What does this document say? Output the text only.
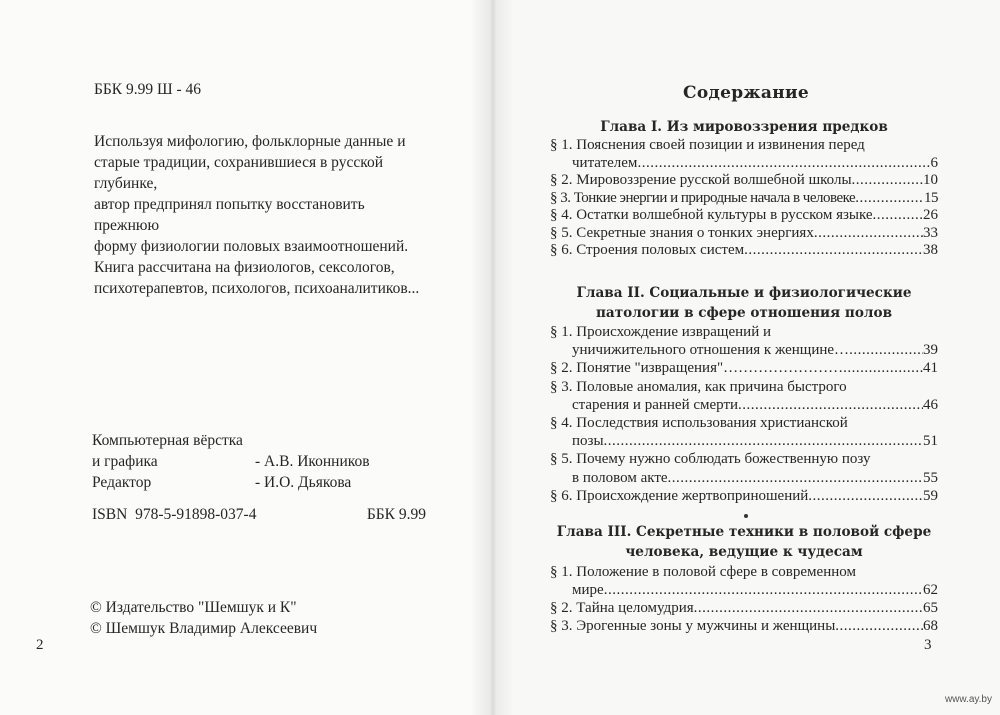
ББК 9.99 Ш - 46

Используя мифологию, фольклорные данные и

старые традиции, сохранившиеся в русской глубинке,

автор предпринял попытку восстановить прежнюю

форму физиологии половых взаимоотношений.

Книга рассчитана на физиологов, сексологов,

психотерапевтов, психологов, психоаналитиков...

Компьютерная вёрстка
и графика	- А.В. Иконников
Редактор	- И.О. Дьякова
ISBN  978-5-91898-037-4	ББК 9.99
© Издательство "Шемшук и К"
© Шемшук Владимир Алексеевич
2
Содержание
Глава I. Из мировоззрения предков
§ 1. Пояснения своей позиции и извинения перед
читателем .....	6
§ 2. Мировоззрение русской волшебной школы .....	10
§ 3. Тонкие энергии и природные начала в человеке .....	15
§ 4. Остатки волшебной культуры в русском языке .....	26
§ 5. Секретные знания о тонких энергиях .....	33
§ 6. Строения половых систем .....	38
Глава II. Социальные и физиологические
патологии в сфере отношения полов
§ 1. Происхождение извращений и
уничижительного отношения к женщине… .....	39
§ 2. Понятие "извращения"…………………… .....	41
§ 3. Половые аномалия, как причина быстрого
старения и ранней смерти .....	46
§ 4. Последствия использования христианской
позы .....	51
§ 5. Почему нужно соблюдать божественную позу
в половом акте .....	55
§ 6. Происхождение жертвоприношений .....	59
Глава III. Секретные техники в половой сфере
человека, ведущие к чудесам
§ 1. Положение в половой сфере в современном
мире .....	62
§ 2. Тайна целомудрия .....	65
§ 3. Эрогенные зоны у мужчины и женщины .....	68
3
www.ay.by
